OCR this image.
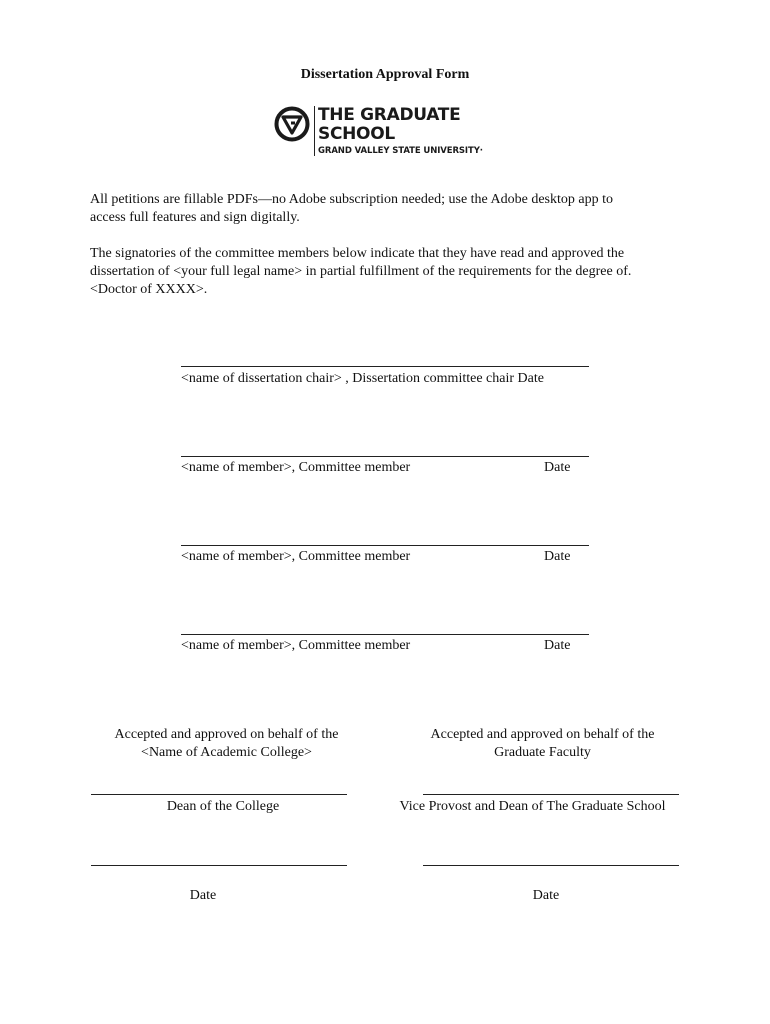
Dissertation Approval Form
THE GRADUATE
SCHOOL
GRAND VALLEY STATE UNIVERSITY·

All petitions are fillable PDFs—no Adobe subscription needed; use the Adobe desktop app to

access full features and sign digitally.

The signatories of the committee members below indicate that they have read and approved the

dissertation of <your full legal name> in partial fulfillment of the requirements for the degree of.

<Doctor of XXXX>.

<name of dissertation chair> , Dissertation committee chair Date
<name of member>, Committee member	Date
<name of member>, Committee member	Date
<name of member>, Committee member	Date
Accepted and approved on behalf of the
<Name of Academic College>
Dean of the College
Date
Accepted and approved on behalf of the
Graduate Faculty
Vice Provost and Dean of The Graduate School
Date
